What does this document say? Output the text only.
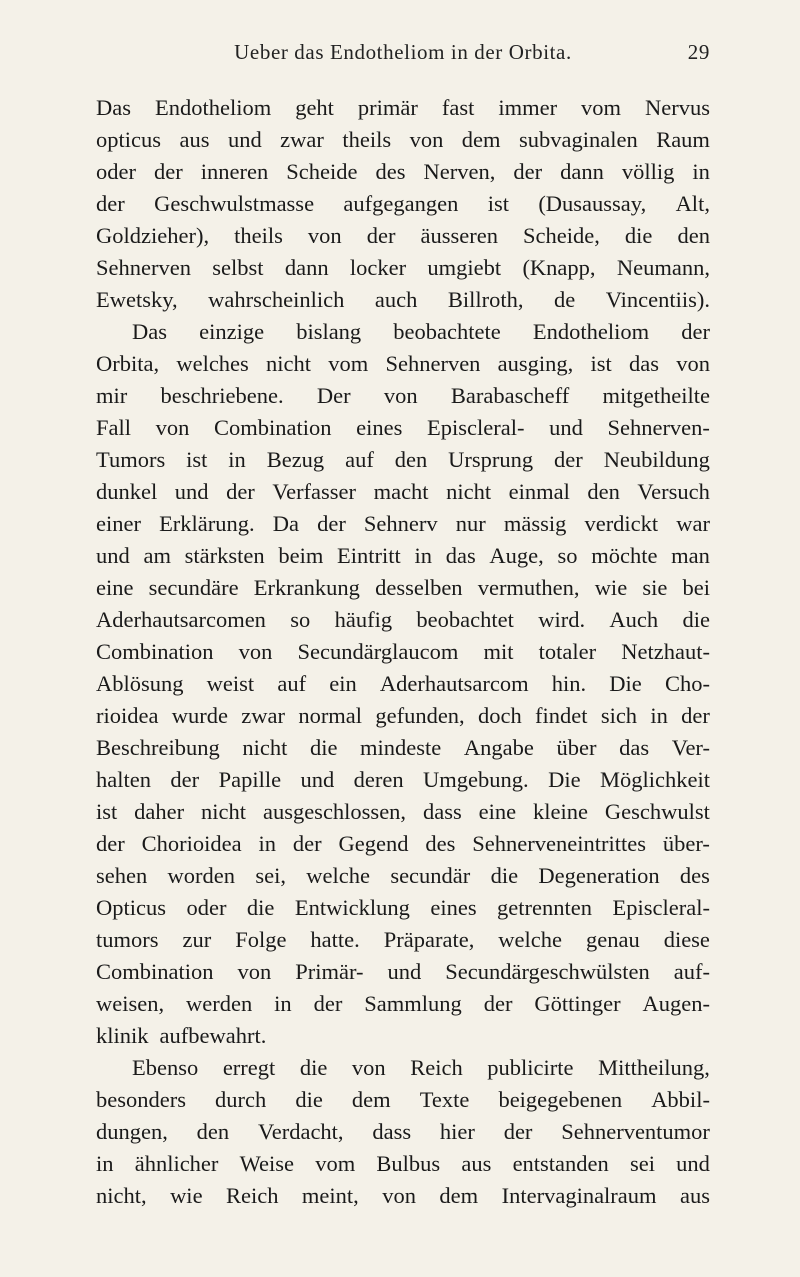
Ueber das Endotheliom in der Orbita.	29
Das Endotheliom geht primär fast immer vom Nervus
opticus aus und zwar theils von dem subvaginalen Raum
oder der inneren Scheide des Nerven, der dann völlig in
der Geschwulstmasse aufgegangen ist (Dusaussay, Alt,
Goldzieher), theils von der äusseren Scheide, die den
Sehnerven selbst dann locker umgiebt (Knapp, Neumann,
Ewetsky, wahrscheinlich auch Billroth, de Vincentiis).
Das einzige bislang beobachtete Endotheliom der
Orbita, welches nicht vom Sehnerven ausging, ist das von
mir beschriebene. Der von Barabascheff mitgetheilte
Fall von Combination eines Episcleral- und Sehnerven-
Tumors ist in Bezug auf den Ursprung der Neubildung
dunkel und der Verfasser macht nicht einmal den Versuch
einer Erklärung. Da der Sehnerv nur mässig verdickt war
und am stärksten beim Eintritt in das Auge, so möchte man
eine secundäre Erkrankung desselben vermuthen, wie sie bei
Aderhautsarcomen so häufig beobachtet wird. Auch die
Combination von Secundärglaucom mit totaler Netzhaut-
Ablösung weist auf ein Aderhautsarcom hin. Die Cho-
rioidea wurde zwar normal gefunden, doch findet sich in der
Beschreibung nicht die mindeste Angabe über das Ver-
halten der Papille und deren Umgebung. Die Möglichkeit
ist daher nicht ausgeschlossen, dass eine kleine Geschwulst
der Chorioidea in der Gegend des Sehnerveneintrittes über-
sehen worden sei, welche secundär die Degeneration des
Opticus oder die Entwicklung eines getrennten Episcleral-
tumors zur Folge hatte. Präparate, welche genau diese
Combination von Primär- und Secundärgeschwülsten auf-
weisen, werden in der Sammlung der Göttinger Augen-
klinik aufbewahrt.
Ebenso erregt die von Reich publicirte Mittheilung,
besonders durch die dem Texte beigegebenen Abbil-
dungen, den Verdacht, dass hier der Sehnerventumor
in ähnlicher Weise vom Bulbus aus entstanden sei und
nicht, wie Reich meint, von dem Intervaginalraum aus
